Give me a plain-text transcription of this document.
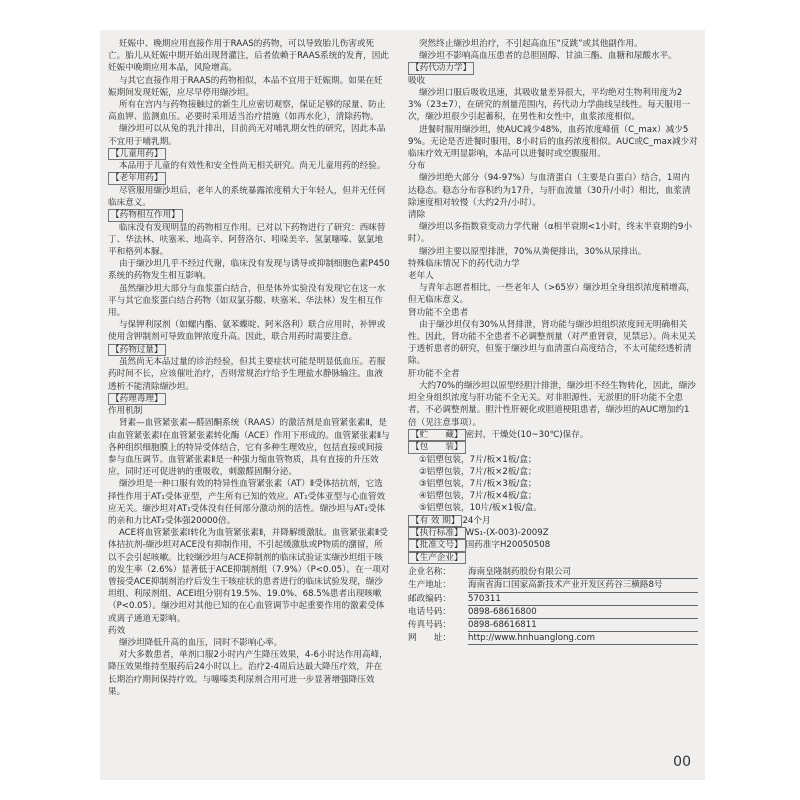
妊娠中、晚期应用直接作用于RAAS的药物，可以导致胎儿伤害或死亡。胎儿从妊娠中期开始出现肾灌注，后者依赖于RAAS系统的发育，因此妊娠中晚期应用本品，风险增高。

与其它直接作用于RAAS的药物相似，本品不宜用于妊娠期。如果在妊娠期间发现妊娠，应尽早停用缬沙坦。

所有在宫内与药物接触过的新生儿应密切观察，保证足够的尿量、防止高血钾、监测血压。必要时采用适当治疗措施（如再水化），清除药物。

缬沙坦可以从兔的乳汁排出，目前尚无对哺乳期女性的研究，因此本品不宜用于哺乳期。

【儿童用药】

本品用于儿童的有效性和安全性尚无相关研究。尚无儿童用药的经验。

【老年用药】

尽管服用缬沙坦后，老年人的系统暴露浓度稍大于年轻人，但并无任何临床意义。

【药物相互作用】

临床没有发现明显的药物相互作用。已对以下药物进行了研究：西咪替丁、华法林、呋塞米、地高辛、阿替洛尔、吲哚美辛、氢氯噻嗪、氨氯地平和格列本脲。

由于缬沙坦几乎不经过代谢，临床没有发现与诱导或抑制细胞色素P450系统的药物发生相互影响。

虽然缬沙坦大部分与血浆蛋白结合，但是体外实验没有发现它在这一水平与其它血浆蛋白结合药物（如双氯芬酸、呋塞米、华法林）发生相互作用。

与保钾利尿剂（如螺内酯、氨苯蝶啶、阿米洛利）联合应用时，补钾或使用含钾制剂可导致血钾浓度升高。因此，联合用药时需要注意。

【药物过量】

虽然尚无本品过量的诊治经验，但其主要症状可能是明显低血压。若服药时间不长，应该催吐治疗，否则常规治疗给予生理盐水静脉输注。血液透析不能清除缬沙坦。

【药理毒理】

作用机制

肾素—血管紧张素—醛固酮系统（RAAS）的激活剂是血管紧张素Ⅱ，是由血管紧张素Ⅰ在血管紧张素转化酶（ACE）作用下形成的。血管紧张素Ⅱ与各种组织细胞膜上的特异受体结合，它有多种生理效应，包括直接或间接参与血压调节。血管紧张素Ⅱ是一种强力缩血管物质，具有直接的升压效应，同时还可促进钠的重吸收，刺激醛固酮分泌。

缬沙坦是一种口服有效的特异性血管紧张素（AT）Ⅱ受体拮抗剂，它选择性作用于AT₁受体亚型，产生所有已知的效应。AT₁受体亚型与心血管效应无关。缬沙坦对AT₁受体没有任何部分激动剂的活性。缬沙坦与AT₁受体的亲和力比AT₂受体强20000倍。

ACE将血管紧张素Ⅰ转化为血管紧张素Ⅱ，并降解缓激肽。血管紧张素Ⅱ受体拮抗剂-缬沙坦对ACE没有抑制作用，不引起缓激肽或P物质的潴留，所以不会引起咳嗽。比较缬沙坦与ACE抑制剂的临床试验证实缬沙坦组干咳的发生率（2.6%）显著低于ACE抑制剂组（7.9%）（P<0.05）。在一项对曾接受ACE抑制剂治疗后发生干咳症状的患者进行的临床试验发现，缬沙坦组、利尿剂组、ACEI组分别有19.5%、19.0%、68.5%患者出现咳嗽（P<0.05）。缬沙坦对其他已知的在心血管调节中起重要作用的激素受体或离子通道无影响。

药效

缬沙坦降低升高的血压，同时不影响心率。

对大多数患者，单剂口服2小时内产生降压效果，4-6小时达作用高峰，降压效果维持至服药后24小时以上。治疗2-4周后达最大降压疗效，并在长期治疗期间保持疗效。与噻嗪类利尿剂合用可进一步显著增强降压效果。

突然终止缬沙坦治疗，不引起高血压“反跳”或其他副作用。

缬沙坦不影响高血压患者的总胆固醇、甘油三酯、血糖和尿酸水平。

【药代动力学】

吸收

缬沙坦口服后吸收迅速，其吸收量差异很大，平均绝对生物利用度为23%（23±7），在研究的剂量范围内，药代动力学曲线呈线性。每天服用一次，缬沙坦很少引起蓄积，在男性和女性中，血浆浓度相似。

进餐时服用缬沙坦，使AUC减少48%，血药浓度峰值（C_max）减少59%。无论是否进餐时服用，8小时后的血药浓度相似。AUC或C_max减少对临床疗效无明显影响，本品可以进餐时或空腹服用。

分布

缬沙坦绝大部分（94-97%）与血清蛋白（主要是白蛋白）结合，1周内达稳态。稳态分布容积约为17升，与肝血流量（30升/小时）相比，血浆清除速度相对较慢（大约2升/小时）。

清除

缬沙坦以多指数衰变动力学代谢（α相半衰期<1小时，终末半衰期约9小时）。

缬沙坦主要以原型排泄，70%从粪便排出，30%从尿排出。

特殊临床情况下的药代动力学

老年人

与青年志愿者相比，一些老年人（>65岁）缬沙坦全身组织浓度稍增高，但无临床意义。

肾功能不全患者

由于缬沙坦仅有30%从肾排泄，肾功能与缬沙坦组织浓度间无明确相关性。因此，肾功能不全患者不必调整剂量（对严重肾衰，见禁忌）。尚未见关于透析患者的研究，但鉴于缬沙坦与血清蛋白高度结合，不太可能经透析清除。

肝功能不全者

大约70%的缬沙坦以原型经胆汁排泄，缬沙坦不经生物转化，因此，缬沙坦全身组织浓度与肝功能不全无关。对非胆源性、无淤胆的肝功能不全患者，不必调整剂量。胆汁性肝硬化或胆道梗阻患者，缬沙坦的AUC增加约1倍（见注意事项）。

【贮　　藏】 密封，干燥处(10~30℃)保存。

【包　　装】

①铝塑包装，7片/板×1板/盒；

②铝塑包装，7片/板×2板/盒；

③铝塑包装，7片/板×3板/盒；

④铝塑包装，7片/板×4板/盒；

⑤铝塑包装，10片/板×1板/盒。

【有 效 期】 24个月

【执行标准】 WS₁-(X-003)-2009Z

【批准文号】 国药准字H20050508

【生产企业】

企业名称：	海南皇隆制药股份有限公司
生产地址：	海南省海口国家高新技术产业开发区药谷三横路8号
邮政编码：	570311
电话号码：	0898-68616800
传真号码：	0898-68616811
网　　址：	http://www.hnhuanglong.com
00
